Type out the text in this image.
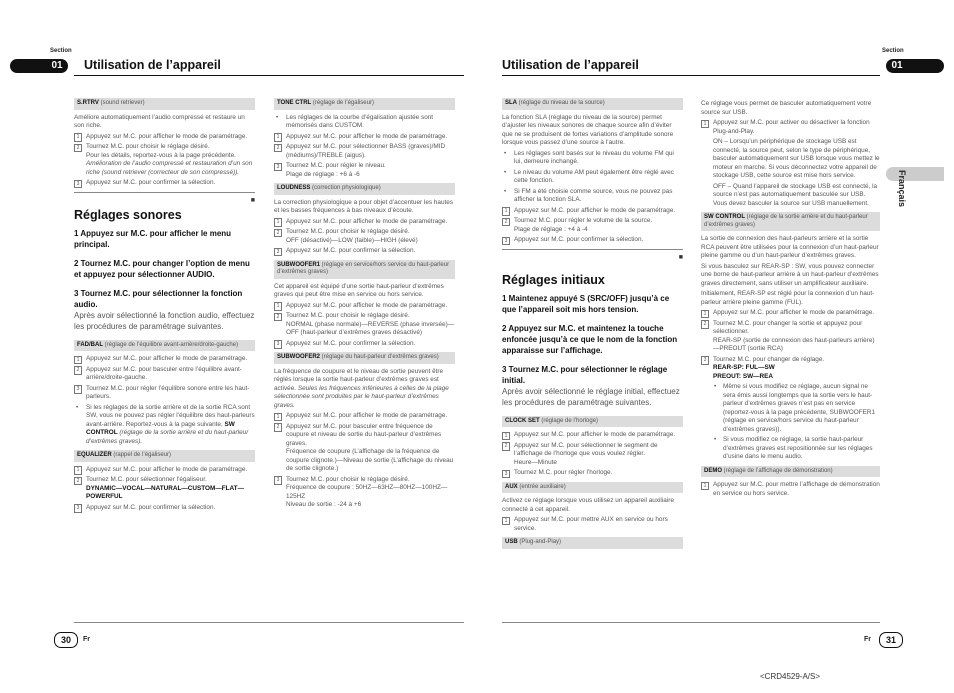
Section
01	Utilisation de l’appareil
S.RTRV (sound retriever)
Améliore automatiquement l’audio compressé et restaure un son riche.
1	Appuyez sur M.C. pour afficher le mode de paramétrage.
2	Tournez M.C. pour choisir le réglage désiré.
Pour les détails, reportez-vous à la page précédente. Amélioration de l’audio compressé et restauration d’un son riche (sound retriever (correcteur de son compressé)).
3	Appuyez sur M.C. pour confirmer la sélection.
■
Réglages sonores
1 Appuyez sur M.C. pour afficher le menu principal.
2 Tournez M.C. pour changer l’option de menu et appuyez pour sélectionner AUDIO.
3 Tournez M.C. pour sélectionner la fonction audio.
Après avoir sélectionné la fonction audio, effectuez les procédures de paramétrage suivantes.
FAD/BAL (réglage de l’équilibre avant-arrière/droite-gauche)
1	Appuyez sur M.C. pour afficher le mode de paramétrage.
2	Appuyez sur M.C. pour basculer entre l’équilibre avant-arrière/droite-gauche.
3	Tournez M.C. pour régler l’équilibre sonore entre les haut-parleurs.
• Si les réglages de la sortie arrière et de la sortie RCA sont SW, vous ne pouvez pas régler l’équilibre des haut-parleurs avant-arrière. Reportez-vous à la page suivante, SW CONTROL (réglage de la sortie arrière et du haut-parleur d’extrêmes graves).
EQUALIZER (rappel de l’égaliseur)
1	Appuyez sur M.C. pour afficher le mode de paramétrage.
2	Tournez M.C. pour sélectionner l’égaliseur.
DYNAMIC—VOCAL—NATURAL—CUSTOM—FLAT—POWERFUL
3	Appuyez sur M.C. pour confirmer la sélection.
TONE CTRL (réglage de l’égaliseur)
• Les réglages de la courbe d’égalisation ajustée sont mémorisés dans CUSTOM.
1	Appuyez sur M.C. pour afficher le mode de paramétrage.
2	Appuyez sur M.C. pour sélectionner BASS (graves)/MID (médiums)/TREBLE (aigus).
3	Tournez M.C. pour régler le niveau.
Plage de réglage : +6 à -6
LOUDNESS (correction physiologique)
La correction physiologique a pour objet d’accentuer les hautes et les basses fréquences à bas niveaux d’écoute.
1	Appuyez sur M.C. pour afficher le mode de paramétrage.
2	Tournez M.C. pour choisir le réglage désiré.
OFF (désactivé)—LOW (faible)—HIGH (élevé)
3	Appuyez sur M.C. pour confirmer la sélection.
SUBWOOFER1 (réglage en service/hors service du haut-parleur d’extrêmes graves)
Cet appareil est équipé d’une sortie haut-parleur d’extrêmes graves qui peut être mise en service ou hors service.
1	Appuyez sur M.C. pour afficher le mode de paramétrage.
2	Tournez M.C. pour choisir le réglage désiré.
NORMAL (phase normale)—REVERSE (phase inversée)—OFF (haut-parleur d’extrêmes graves désactivé)
3	Appuyez sur M.C. pour confirmer la sélection.
SUBWOOFER2 (réglage du haut-parleur d’extrêmes graves)
La fréquence de coupure et le niveau de sortie peuvent être réglés lorsque la sortie haut-parleur d’extrêmes graves est activée. Seules les fréquences inférieures à celles de la plage sélectionnée sont produites par le haut-parleur d’extrêmes graves.
1	Appuyez sur M.C. pour afficher le mode de paramétrage.
2	Appuyez sur M.C. pour basculer entre fréquence de coupure et niveau de sortie du haut-parleur d’extrêmes graves.
Fréquence de coupure (L’affichage de la fréquence de coupure clignote.)—Niveau de sortie (L’affichage du niveau de sortie clignote.)
3	Tournez M.C. pour choisir le réglage désiré.
Fréquence de coupure : 50HZ—63HZ—80HZ—100HZ—125HZ
Niveau de sortie : -24 à +6
30	Fr
Section
01
Utilisation de l’appareil
SLA (réglage du niveau de la source)
La fonction SLA (réglage du niveau de la source) permet d’ajuster les niveaux sonores de chaque source afin d’éviter que ne se produisent de fortes variations d’amplitude sonore lorsque vous passez d’une source à l’autre.
• Les réglages sont basés sur le niveau du volume FM qui lui, demeure inchangé.
• Le niveau du volume AM peut également être réglé avec cette fonction.
• Si FM a été choisie comme source, vous ne pouvez pas afficher la fonction SLA.
1	Appuyez sur M.C. pour afficher le mode de paramétrage.
2	Tournez M.C. pour régler le volume de la source.
Plage de réglage : +4 à -4
3	Appuyez sur M.C. pour confirmer la sélection.
■
Réglages initiaux
1 Maintenez appuyé S (SRC/OFF) jusqu’à ce que l’appareil soit mis hors tension.
2 Appuyez sur M.C. et maintenez la touche enfoncée jusqu’à ce que le nom de la fonction apparaisse sur l’affichage.
3 Tournez M.C. pour sélectionner le réglage initial.
Après avoir sélectionné le réglage initial, effectuez les procédures de paramétrage suivantes.
CLOCK SET (réglage de l’horloge)
1	Appuyez sur M.C. pour afficher le mode de paramétrage.
2	Appuyez sur M.C. pour sélectionner le segment de l’affichage de l’horloge que vous voulez régler.
Heure—Minute
3	Tournez M.C. pour régler l’horloge.
AUX (entrée auxiliaire)
Activez ce réglage lorsque vous utilisez un appareil auxiliaire connecté à cet appareil.
1	Appuyez sur M.C. pour mettre AUX en service ou hors service.
USB (Plug-and-Play)
Ce réglage vous permet de basculer automatiquement votre source sur USB.
1	Appuyez sur M.C. pour activer ou désactiver la fonction Plug-and-Play.
ON – Lorsqu’un périphérique de stockage USB est connecté, la source peut, selon le type de périphérique, basculer automatiquement sur USB lorsque vous mettez le moteur en marche. Si vous déconnectez votre appareil de stockage USB, cette source est mise hors service.
OFF – Quand l’appareil de stockage USB est connecté, la source n’est pas automatiquement basculée sur USB. Vous devez basculer la source sur USB manuellement.
SW CONTROL (réglage de la sortie arrière et du haut-parleur d’extrêmes graves)
La sortie de connexion des haut-parleurs arrière et la sortie RCA peuvent être utilisées pour la connexion d’un haut-parleur pleine gamme ou d’un haut-parleur d’extrêmes graves.
Si vous basculez sur REAR-SP : SW, vous pouvez connecter une borne de haut-parleur arrière à un haut-parleur d’extrêmes graves directement, sans utiliser un amplificateur auxiliaire.
Initialement, REAR-SP est réglé pour la connexion d’un haut-parleur arrière pleine gamme (FUL).
1	Appuyez sur M.C. pour afficher le mode de paramétrage.
2	Tournez M.C. pour changer la sortie et appuyez pour sélectionner.
REAR-SP (sortie de connexion des haut-parleurs arrière)—PREOUT (sortie RCA)
3	Tournez M.C. pour changer de réglage.
REAR-SP: FUL—SW
PREOUT: SW—REA
• Même si vous modifiez ce réglage, aucun signal ne sera émis aussi longtemps que la sortie vers le haut-parleur d’extrêmes graves n’est pas en service (reportez-vous à la page précédente, SUBWOOFER1 (réglage en service/hors service du haut-parleur d’extrêmes graves)).
• Si vous modifiez ce réglage, la sortie haut-parleur d’extrêmes graves est repositionnée sur les réglages d’usine dans le menu audio.
DEMO (réglage de l’affichage de démonstration)
1	Appuyez sur M.C. pour mettre l’affichage de démonstration en service ou hors service.
Français
Fr	31
<CRD4529-A/S>
